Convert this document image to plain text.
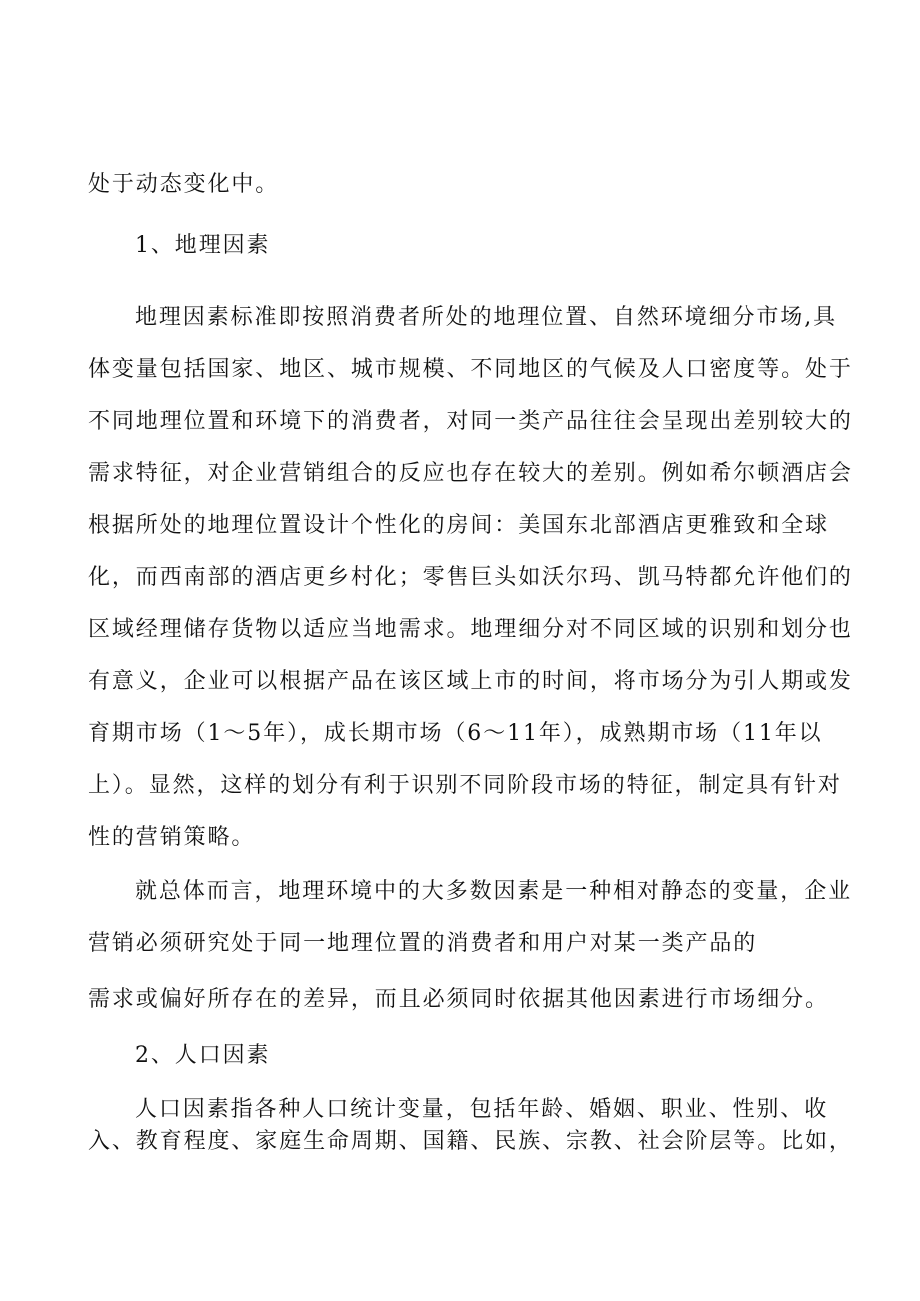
处于动态变化中。
1、地理因素
地理因素标准即按照消费者所处的地理位置、自然环境细分市场,具
体变量包括国家、地区、城市规模、不同地区的气候及人口密度等。处于
不同地理位置和环境下的消费者，对同一类产品往往会呈现出差别较大的
需求特征，对企业营销组合的反应也存在较大的差别。例如希尔顿酒店会
根据所处的地理位置设计个性化的房间：美国东北部酒店更雅致和全球
化，而西南部的酒店更乡村化；零售巨头如沃尔玛、凯马特都允许他们的
区域经理储存货物以适应当地需求。地理细分对不同区域的识别和划分也
有意义，企业可以根据产品在该区域上市的时间，将市场分为引人期或发
育期市场（1～5年），成长期市场（6～11年），成熟期市场（11年以
上）。显然，这样的划分有利于识别不同阶段市场的特征，制定具有针对
性的营销策略。
就总体而言，地理环境中的大多数因素是一种相对静态的变量，企业
营销必须研究处于同一地理位置的消费者和用户对某一类产品的
需求或偏好所存在的差异，而且必须同时依据其他因素进行市场细分。
2、人口因素
人口因素指各种人口统计变量，包括年龄、婚姻、职业、性别、收
入、教育程度、家庭生命周期、国籍、民族、宗教、社会阶层等。比如，
